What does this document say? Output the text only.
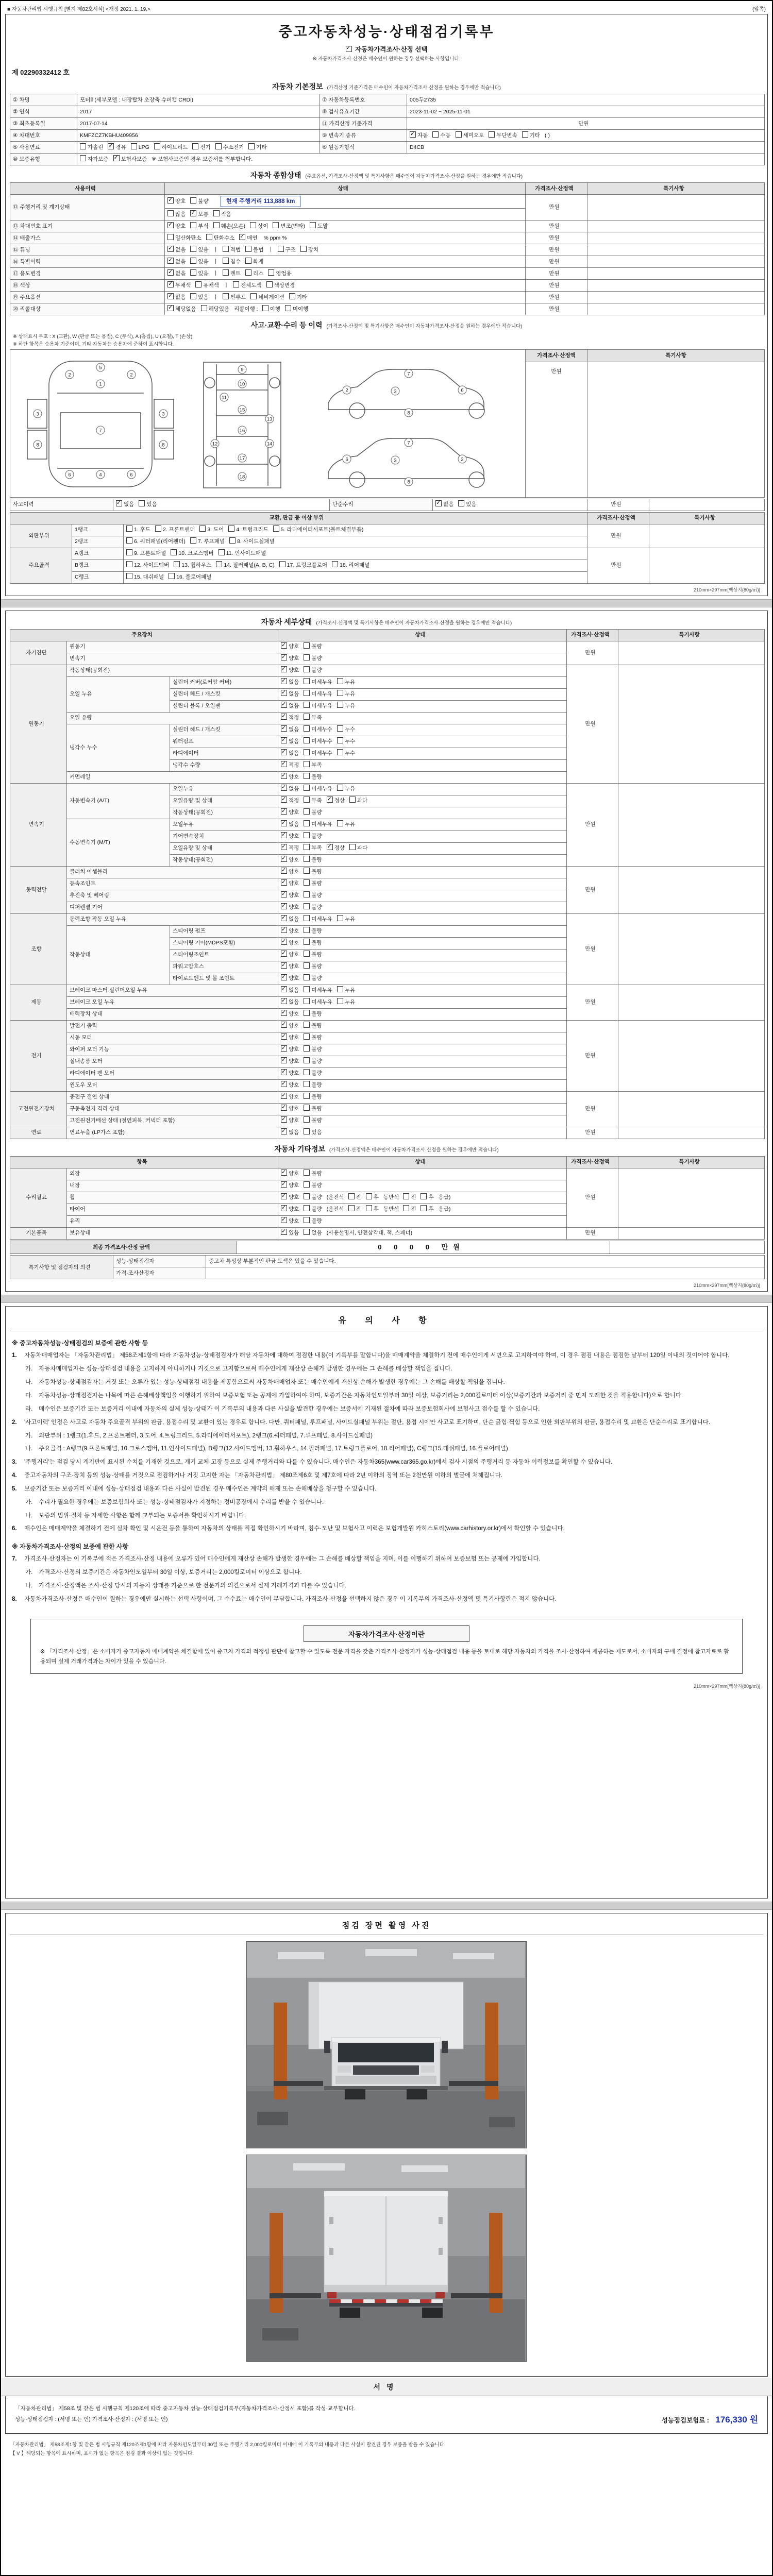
■ 자동차관리법 시행규칙 [별지 제82호서식] <개정 2021. 1. 19.>	(앞쪽)
중고자동차성능·상태점검기록부
✓ 자동차가격조사·산정 선택
※ 자동차가격조사·산정은 매수인이 원하는 경우 선택하는 사항입니다.
제 02290332412 호
자동차 기본정보 (가격산정 기준가격은 매수인이 자동차가격조사·산정을 원하는 경우에만 적습니다)
① 차명	포터Ⅱ (세부모델 : 내장탑차 초장축 슈퍼캡 CRDi)	⑦ 자동차등록번호	005두2735
② 연식	2017	⑧ 검사유효기간	2023-11-02 ~ 2025-11-01
③ 최초등록일	2017-07-14	⑪ 가격산정 기준가격	만원
④ 차대번호	KMFZCZ7KBHU409956	⑨ 변속기 종류	✓자동 수동 세미오토 무단변속 기타 ( )
⑤ 사용연료	가솔린 ✓ 경유 LPG 하이브리드 전기 수소전기 기타	⑥ 원동기형식	D4CB
⑩ 보증유형	자가보증 ✓ 보험사보증 ※ 보험사보증인 경우 보증서를 첨부합니다.
자동차 종합상태 (주요옵션, 가격조사·산정액 및 특기사항은 매수인이 자동차가격조사·산정을 원하는 경우에만 적습니다)
사용이력	상태	가격조사·산정액	특기사항
⑫ 주행거리 및 계기상태	✓양호 불량 현재 주행거리 113,888 km	만원	
	많음 ✓ 보통 적음
⑬ 차대번호 표기	✓양호 부식 훼손(오손) 상이 변조(변타) 도말	만원	
⑭ 배출가스	일산화탄소 탄화수소 ✓ 매연 % ppm %	만원	
⑮ 튜닝	✓없음 있음 ㅣ 적법 불법 ㅣ 구조 장치	만원	
⑯ 특별이력	✓없음 있음 ㅣ 침수 화재	만원	
⑰ 용도변경	✓없음 있음 ㅣ 렌트 리스 영업용	만원	
⑱ 색상	✓무채색 유채색 ㅣ 전체도색 색상변경	만원	
⑲ 주요옵션	✓없음 있음 ㅣ 썬루프 네비게이션 기타	만원	
⑳ 리콜대상	✓해당없음 해당있음 리콜이행 : 이행 미이행	만원	
사고·교환·수리 등 이력 (가격조사·산정액 및 특기사항은 매수인이 자동차가격조사·산정을 원하는 경우에만 적습니다)
※ 상태표시 부호 : X (교환), W (판금 또는 용접), C (부식), A (흠집), U (요철), T (손상)
※ 하단 항목은 승용차 기준이며, 기타 자동차는 승용차에 준하여 표시합니다.
5
1
7
4
2	2
3	3
6	6
8	8
9
10
11
15
16
12
13
14
17
18
2	3	6
7
8
6	3	2
7
8
	가격조사·산정액	특기사항
	만원	
사고이력	✓없음 있음	단순수리	✓없음 있음	만원	
교환, 판금 등 이상 부위			가격조사·산정액	특기사항
외판부위	1랭크	1. 후드 2. 프론트펜더 3. 도어 4. 트렁크리드 5. 라디에이터서포트(볼트체결부품)	만원	
	2랭크	6. 쿼터패널(리어펜더) 7. 루프패널 8. 사이드실패널		
주요골격	A랭크	9. 프론트패널 10. 크로스멤버 11. 인사이드패널	만원	
	B랭크	12. 사이드멤버 13. 휠하우스 14. 필러패널(A, B, C) 17. 트렁크플로어 18. 리어패널		
	C랭크	15. 대쉬패널 16. 플로어패널		
210mm×297mm[백상지(80g/㎡)]
자동차 세부상태 (가격조사·산정액 및 특기사항은 매수인이 자동차가격조사·산정을 원하는 경우에만 적습니다)
주요장치			상태	가격조사·산정액	특기사항
자기진단	원동기	✓양호 불량	만원	
	변속기	✓양호 불량
원동기	작동상태(공회전)	✓양호 불량	만원	
	오일 누유	실린더 커버(로커암 커버)	✓없음 미세누유 누유
		실린더 헤드 / 개스킷	✓없음 미세누유 누유
		실린더 블록 / 오일팬	✓없음 미세누유 누유
	오일 유량	✓적정 부족
	냉각수 누수	실린더 헤드 / 개스킷	✓없음 미세누수 누수
		워터펌프	✓없음 미세누수 누수
		라디에이터	✓없음 미세누수 누수
		냉각수 수량	✓적정 부족
	커먼레일	✓양호 불량
변속기	자동변속기 (A/T)	오일누유	✓없음 미세누유 누유	만원	
		오일유량 및 상태	✓적정 부족 ✓ 정상 과다
		작동상태(공회전)	✓양호 불량
	수동변속기 (M/T)	오일누유	✓없음 미세누유 누유
		기어변속장치	✓양호 불량
		오일유량 및 상태	✓적정 부족 ✓ 정상 과다
		작동상태(공회전)	✓양호 불량
동력전달	클러치 어셈블리	✓양호 불량	만원	
	등속조인트	✓양호 불량
	추진축 및 베어링	✓양호 불량
	디퍼렌셜 기어	✓양호 불량
조향	동력조향 작동 오일 누유	✓없음 미세누유 누유	만원	
	작동상태	스티어링 펌프	✓양호 불량
		스티어링 기어(MDPS포함)	✓양호 불량
		스티어링조인트	✓양호 불량
		파워고압호스	✓양호 불량
		타이로드엔드 및 볼 조인트	✓양호 불량
제동	브레이크 마스터 실린더오일 누유	✓없음 미세누유 누유	만원	
	브레이크 오일 누유	✓없음 미세누유 누유
	배력장치 상태	✓양호 불량
전기	발전기 출력	✓양호 불량	만원	
	시동 모터	✓양호 불량
	와이퍼 모터 기능	✓양호 불량
	실내송풍 모터	✓양호 불량
	라디에이터 팬 모터	✓양호 불량
	윈도우 모터	✓양호 불량
고전원전기장치	충전구 절연 상태	✓양호 불량	만원	
	구동축전지 격리 상태	✓양호 불량
	고전원전기배선 상태 (절연피복, 커넥터 포함)	✓양호 불량
연료	연료누출 (LP가스 포함)	✓없음 있음	만원	
자동차 기타정보 (가격조사·산정액은 매수인이 자동차가격조사·산정을 원하는 경우에만 적습니다)
항목		상태	가격조사·산정액	특기사항
수리필요	외장	✓양호 불량	만원	
	내장	✓양호 불량
	휠	✓양호 불량 (운전석 전 후 동반석 전 후 응급)
	타이어	✓양호 불량 (운전석 전 후 동반석 전 후 응급)
	유리	✓양호 불량
기본품목	보유상태	✓있음 없음 (사용설명서, 안전삼각대, 잭, 스패너)	만원	
최종 가격조사·산정 금액	0 0 0 0 만원	
특기사항 및 점검자의 의견	성능·상태점검자	중고차 특성상 부분적인 판금 도색은 있을 수 있습니다.
	가격·조사산정자	
210mm×297mm[백상지(80g/㎡)]
유 의 사 항
※ 중고자동차성능·상태점검의 보증에 관한 사항 등
1.	자동차매매업자는 「자동차관리법」 제58조제1항에 따라 자동차성능·상태점검자가 해당 자동차에 대하여 점검한 내용(이 기록부를 말합니다)을 매매계약을 체결하기 전에 매수인에게 서면으로 고지하여야 하며, 이 경우 점검 내용은 점검한 날부터 120일 이내의 것이어야 합니다.
가.	자동차매매업자는 성능·상태점검 내용을 고지하지 아니하거나 거짓으로 고지함으로써 매수인에게 재산상 손해가 발생한 경우에는 그 손해를 배상할 책임을 집니다.
나.	자동차성능·상태점검자는 거짓 또는 오류가 있는 성능·상태점검 내용을 제공함으로써 자동차매매업자 또는 매수인에게 재산상 손해가 발생한 경우에는 그 손해를 배상할 책임을 집니다.
다.	자동차성능·상태점검자는 나목에 따른 손해배상책임을 이행하기 위하여 보증보험 또는 공제에 가입하여야 하며, 보증기간은 자동차인도일부터 30일 이상, 보증거리는 2,000킬로미터 이상(보증기간과 보증거리 중 먼저 도래한 것을 적용합니다)으로 합니다.
라.	매수인은 보증기간 또는 보증거리 이내에 자동차의 실제 성능·상태가 이 기록부의 내용과 다른 사실을 발견한 경우에는 보증서에 기재된 절차에 따라 보증보험회사에 보험사고 접수를 할 수 있습니다.
2.	'사고이력' 인정은 사고로 자동차 주요골격 부위의 판금, 용접수리 및 교환이 있는 경우로 합니다. 다만, 쿼터패널, 루프패널, 사이드실패널 부위는 절단, 용접 시에만 사고로 표기하며, 단순 긁힘·찍힘 등으로 인한 외판부위의 판금, 용접수리 및 교환은 단순수리로 표기합니다.
가.	외판부위 : 1랭크(1.후드, 2.프론트펜더, 3.도어, 4.트렁크리드, 5.라디에이터서포트), 2랭크(6.쿼터패널, 7.루프패널, 8.사이드실패널)
나.	주요골격 : A랭크(9.프론트패널, 10.크로스멤버, 11.인사이드패널), B랭크(12.사이드멤버, 13.휠하우스, 14.필러패널, 17.트렁크플로어, 18.리어패널), C랭크(15.대쉬패널, 16.플로어패널)
3.	'주행거리'는 점검 당시 계기판에 표시된 수치를 기재한 것으로, 계기 교체·고장 등으로 실제 주행거리와 다를 수 있습니다. 매수인은 자동차365(www.car365.go.kr)에서 검사 시점의 주행거리 등 자동차 이력정보를 확인할 수 있습니다.
4.	중고자동차의 구조·장치 등의 성능·상태를 거짓으로 점검하거나 거짓 고지한 자는 「자동차관리법」 제80조제6호 및 제7호에 따라 2년 이하의 징역 또는 2천만원 이하의 벌금에 처해집니다.
5.	보증기간 또는 보증거리 이내에 성능·상태점검 내용과 다른 사실이 발견된 경우 매수인은 계약의 해제 또는 손해배상을 청구할 수 있습니다.
가.	수리가 필요한 경우에는 보증보험회사 또는 성능·상태점검자가 지정하는 정비공장에서 수리를 받을 수 있습니다.
나.	보증의 범위·절차 등 자세한 사항은 함께 교부되는 보증서를 확인하시기 바랍니다.
6.	매수인은 매매계약을 체결하기 전에 실차 확인 및 시운전 등을 통하여 자동차의 상태를 직접 확인하시기 바라며, 침수·도난 및 보험사고 이력은 보험개발원 카히스토리(www.carhistory.or.kr)에서 확인할 수 있습니다.
※ 자동차가격조사·산정의 보증에 관한 사항
7.	가격조사·산정자는 이 기록부에 적은 가격조사·산정 내용에 오류가 있어 매수인에게 재산상 손해가 발생한 경우에는 그 손해를 배상할 책임을 지며, 이를 이행하기 위하여 보증보험 또는 공제에 가입합니다.
가.	가격조사·산정의 보증기간은 자동차인도일부터 30일 이상, 보증거리는 2,000킬로미터 이상으로 합니다.
나.	가격조사·산정액은 조사·산정 당시의 자동차 상태를 기준으로 한 전문가의 의견으로서 실제 거래가격과 다를 수 있습니다.
8.	자동차가격조사·산정은 매수인이 원하는 경우에만 실시하는 선택 사항이며, 그 수수료는 매수인이 부담합니다. 가격조사·산정을 선택하지 않은 경우 이 기록부의 가격조사·산정액 및 특기사항란은 적지 않습니다.
자동차가격조사·산정이란
※ 「가격조사·산정」은 소비자가 중고자동차 매매계약을 체결함에 있어 중고차 가격의 적정성 판단에 참고할 수 있도록 전문 자격을 갖춘 가격조사·산정자가 성능·상태점검 내용 등을 토대로 해당 자동차의 가격을 조사·산정하여 제공하는 제도로서, 소비자의 구매 결정에 참고자료로 활용되며 실제 거래가격과는 차이가 있을 수 있습니다.
210mm×297mm[백상지(80g/㎡)]
점검 장면 촬영 사진
서명
「자동차관리법」 제58조 및 같은 법 시행규칙 제120조에 따라 중고자동차 성능·상태점검기록부(자동차가격조사·산정서 포함)를 작성·교부합니다.
성능·상태점검자 : (서명 또는 인) 가격조사·산정자 : (서명 또는 인)	성능점검보험료 : 176,330 원
「자동차관리법」 제58조제1항 및 같은 법 시행규칙 제120조제1항에 따라 자동차인도일부터 30일 또는 주행거리 2,000킬로미터 이내에 이 기록부의 내용과 다른 사실이 발견된 경우 보증을 받을 수 있습니다.
【 V 】해당되는 항목에 표시하며, 표시가 없는 항목은 점검 결과 이상이 없는 것입니다.
